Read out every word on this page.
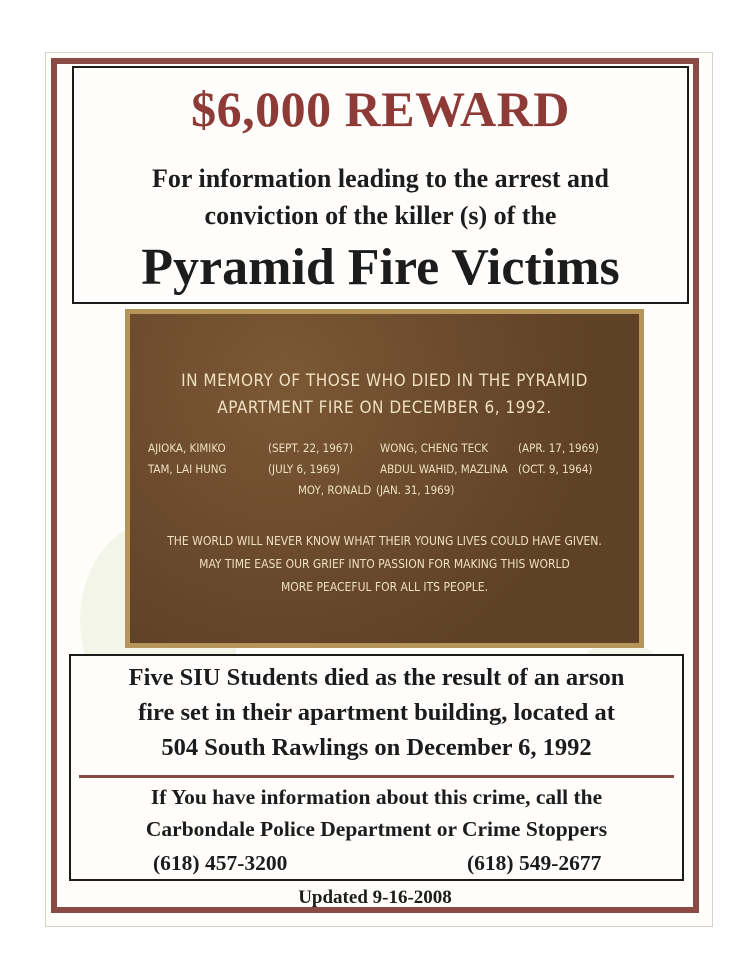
$6,000 REWARD
For information leading to the arrest and
conviction of the killer (s) of the
Pyramid Fire Victims
IN MEMORY OF THOSE WHO DIED IN THE PYRAMID
APARTMENT FIRE ON DECEMBER 6, 1992.
AJIOKA, KIMIKO	(SEPT. 22, 1967) WONG, CHENG TECK	(APR. 17, 1969)
TAM, LAI HUNG	(JULY 6, 1969)	ABDUL WAHID, MAZLINA (OCT. 9, 1964)
MOY, RONALD (JAN. 31, 1969)
THE WORLD WILL NEVER KNOW WHAT THEIR YOUNG LIVES COULD HAVE GIVEN.
MAY TIME EASE OUR GRIEF INTO PASSION FOR MAKING THIS WORLD
MORE PEACEFUL FOR ALL ITS PEOPLE.
Five SIU Students died as the result of an arson
fire set in their apartment building, located at
504 South Rawlings on December 6, 1992
If You have information about this crime, call the
Carbondale Police Department or Crime Stoppers
(618) 457-3200	(618) 549-2677
Updated 9-16-2008
